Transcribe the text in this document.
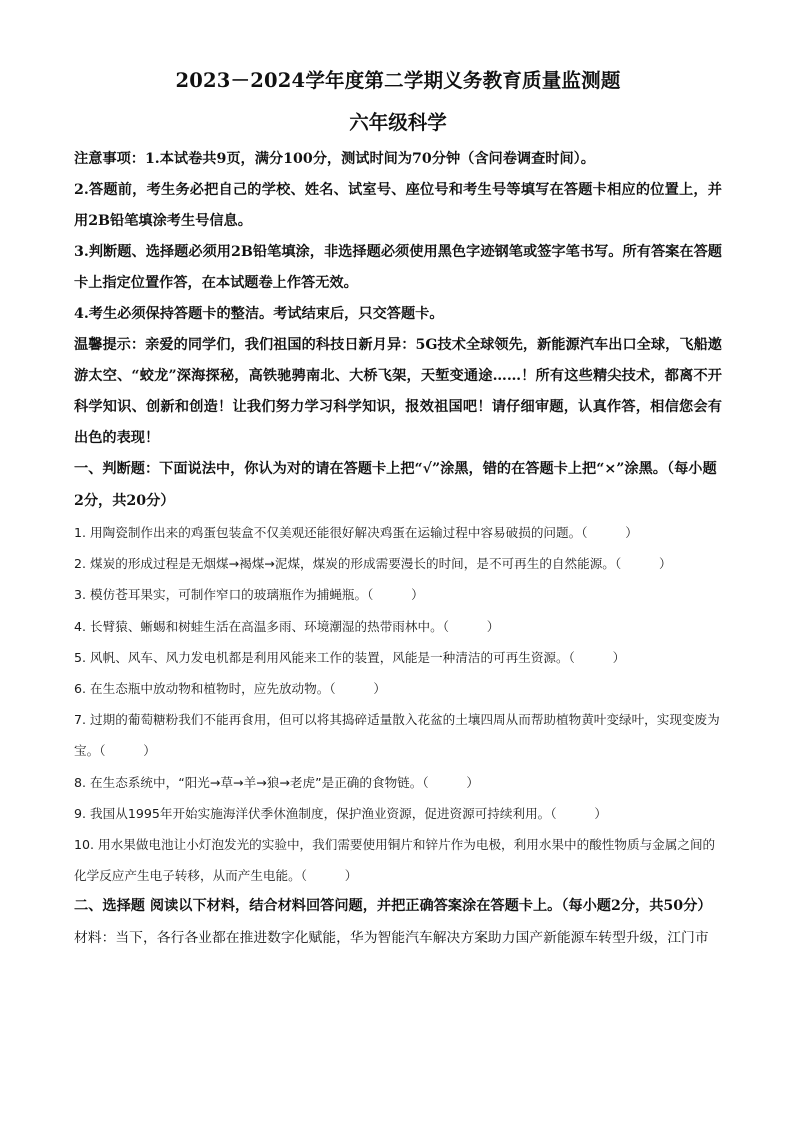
2023－2024学年度第二学期义务教育质量监测题
六年级科学

注意事项：1.本试卷共9页，满分100分，测试时间为70分钟（含问卷调查时间）。

2.答题前，考生务必把自己的学校、姓名、试室号、座位号和考生号等填写在答题卡相应的位置上，并用2B铅笔填涂考生号信息。

3.判断题、选择题必须用2B铅笔填涂，非选择题必须使用黑色字迹钢笔或签字笔书写。所有答案在答题卡上指定位置作答，在本试题卷上作答无效。

4.考生必须保持答题卡的整洁。考试结束后，只交答题卡。

温馨提示：亲爱的同学们，我们祖国的科技日新月异：5G技术全球领先，新能源汽车出口全球，飞船遨游太空、“蛟龙”深海探秘，高铁驰骋南北、大桥飞架，天堑变通途……！所有这些精尖技术，都离不开科学知识、创新和创造！让我们努力学习科学知识，报效祖国吧！请仔细审题，认真作答，相信您会有出色的表现！

一、判断题：下面说法中，你认为对的请在答题卡上把“√”涂黑，错的在答题卡上把“×”涂黑。（每小题2分，共20分）

1. 用陶瓷制作出来的鸡蛋包装盒不仅美观还能很好解决鸡蛋在运输过程中容易破损的问题。（　　　）

2. 煤炭的形成过程是无烟煤→褐煤→泥煤，煤炭的形成需要漫长的时间，是不可再生的自然能源。（　　　）

3. 模仿苍耳果实，可制作窄口的玻璃瓶作为捕蝇瓶。（　　　）

4. 长臂猿、蜥蜴和树蛙生活在高温多雨、环境潮湿的热带雨林中。（　　　）

5. 风帆、风车、风力发电机都是利用风能来工作的装置，风能是一种清洁的可再生资源。（　　　）

6. 在生态瓶中放动物和植物时，应先放动物。（　　　）

7. 过期的葡萄糖粉我们不能再食用，但可以将其捣碎适量散入花盆的土壤四周从而帮助植物黄叶变绿叶，实现变废为宝。（　　　）

8. 在生态系统中，“阳光→草→羊→狼→老虎”是正确的食物链。（　　　）

9. 我国从1995年开始实施海洋伏季休渔制度，保护渔业资源，促进资源可持续利用。（　　　）

10. 用水果做电池让小灯泡发光的实验中，我们需要使用铜片和锌片作为电极，利用水果中的酸性物质与金属之间的化学反应产生电子转移，从而产生电能。（　　　）

二、选择题 阅读以下材料，结合材料回答问题，并把正确答案涂在答题卡上。（每小题2分，共50分）

材料：当下，各行各业都在推进数字化赋能，华为智能汽车解决方案助力国产新能源车转型升级，江门市
